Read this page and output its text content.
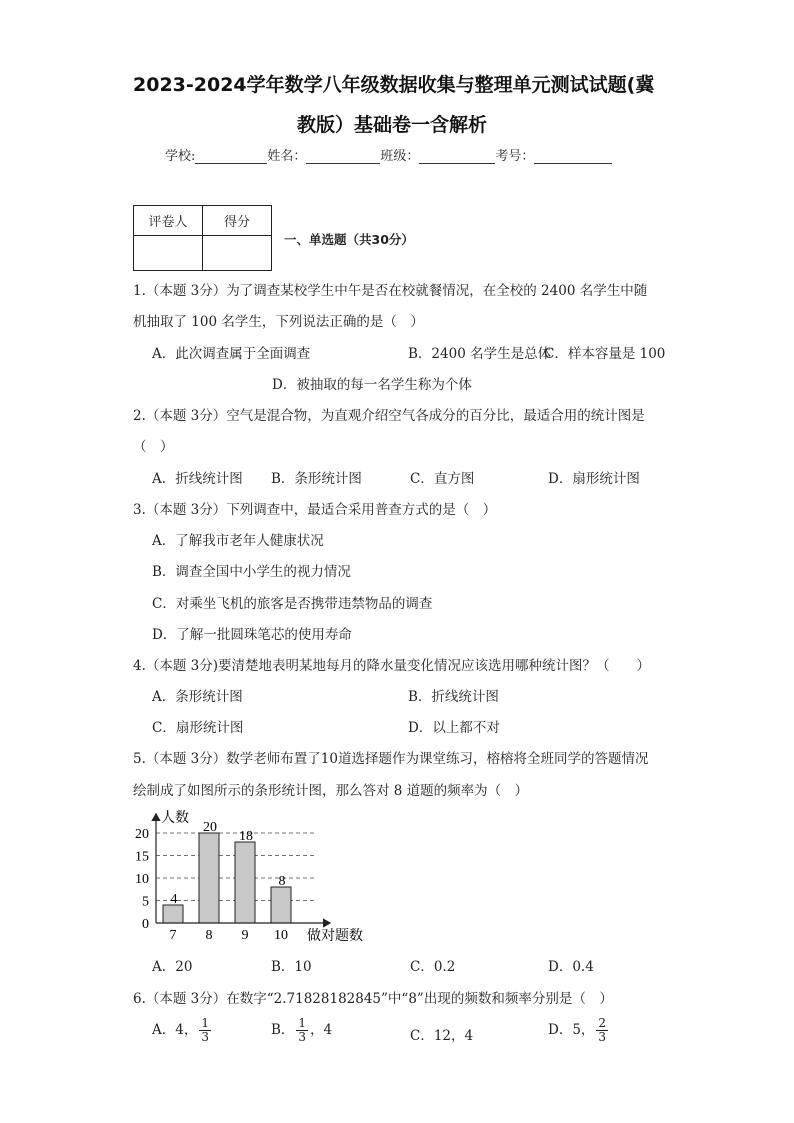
2023-2024学年数学八年级数据收集与整理单元测试试题(冀
教版）基础卷一含解析
学校:	姓名：	班级：	考号：
评卷人	得分

一、单选题（共30分）
1.（本题 3分）为了调查某校学生中午是否在校就餐情况，在全校的 2400 名学生中随
机抽取了 100 名学生，下列说法正确的是（　）
A．此次调查属于全面调查	B．2400 名学生是总体
C．样本容量是 100
D．被抽取的每一名学生称为个体
2.（本题 3分）空气是混合物，为直观介绍空气各成分的百分比，最适合用的统计图是
（　）
A．折线统计图 B．条形统计图	C．直方图	D．扇形统计图
3.（本题 3分）下列调查中，最适合采用普查方式的是（　）
A．了解我市老年人健康状况
B．调查全国中小学生的视力情况
C．对乘坐飞机的旅客是否携带违禁物品的调查
D．了解一批圆珠笔芯的使用寿命
4.（本题 3分)要清楚地表明某地每月的降水量变化情况应该选用哪种统计图？（　　）
A．条形统计图	B．折线统计图
C．扇形统计图	D．以上都不对
5.（本题 3分）数学老师布置了10道选择题作为课堂练习，榕榕将全班同学的答题情况
绘制成了如图所示的条形统计图，那么答对 8 道题的频率为（　）
人数
做对题数
0
5
10
15
20
7
4
8
20
9
18
10
8
A．20	B．10	C．0.2	D．0.4
6.（本题 3分）在数字“2.71828182845”中“8”出现的频数和频率分别是（　）
A．4， $\frac{1}{3}$	B． $\frac{1}{3}$ ，4	C．12，4	D．5， $\frac{2}{3}$
